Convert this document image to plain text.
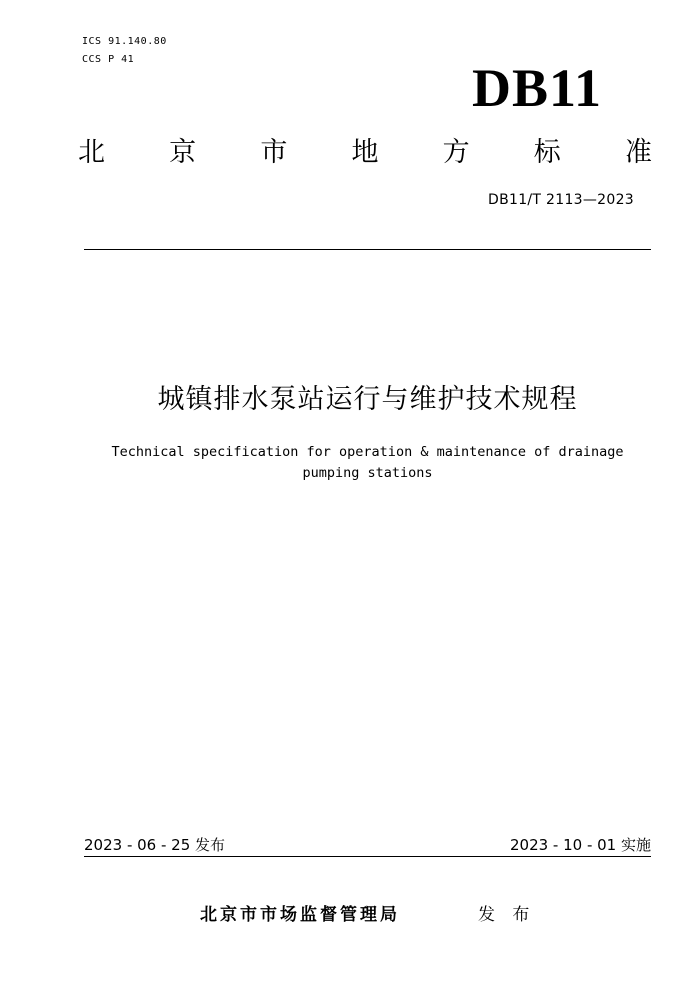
ICS 91.140.80
CCS P 41	DB11
北 京 市 地 方 标 准
DB11/T 2113—2023
城镇排水泵站运行与维护技术规程
Technical specification for operation & maintenance of drainage
pumping stations
2023 - 06 - 25 发布	2023 - 10 - 01 实施
北京市市场监督管理局	发 布
